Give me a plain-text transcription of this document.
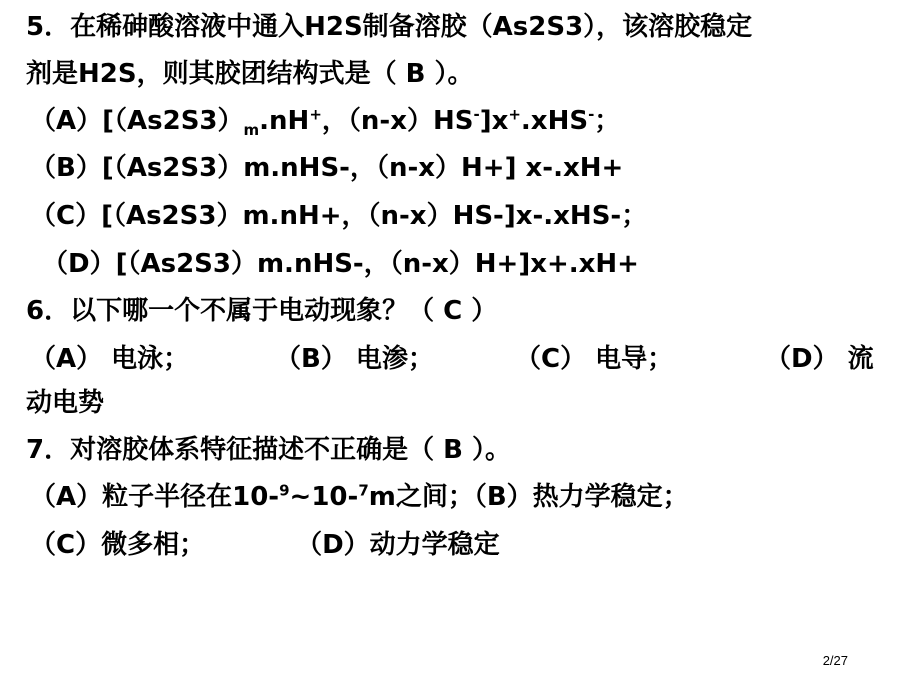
5．在稀砷酸溶液中通入H2S制备溶胶（As2S3），该溶胶稳定
剂是H2S，则其胶团结构式是（ B ）。
$(A)[(As2S3)_m.nH^+$，（n-x）HS-]x+.xHS-；
（B）[（As2S3）m.nHS-，（n-x）H+] x-.xH+
（C）[（As2S3）m.nH+，（n-x）HS-]x-.xHS-；
（D）[（As2S3）m.nHS-，（n-x）H+]x+.xH+
6．以下哪一个不属于电动现象？（ C ）
（A） 电泳；	（B） 电渗；	（C） 电导；	（D） 流
动电势
7．对溶胶体系特征描述不正确是（ B ）。
（A）粒子半径在10-$^9$~10-$^7$m之间；（B）热力学稳定；
（C）微多相；	（D）动力学稳定
2/27
